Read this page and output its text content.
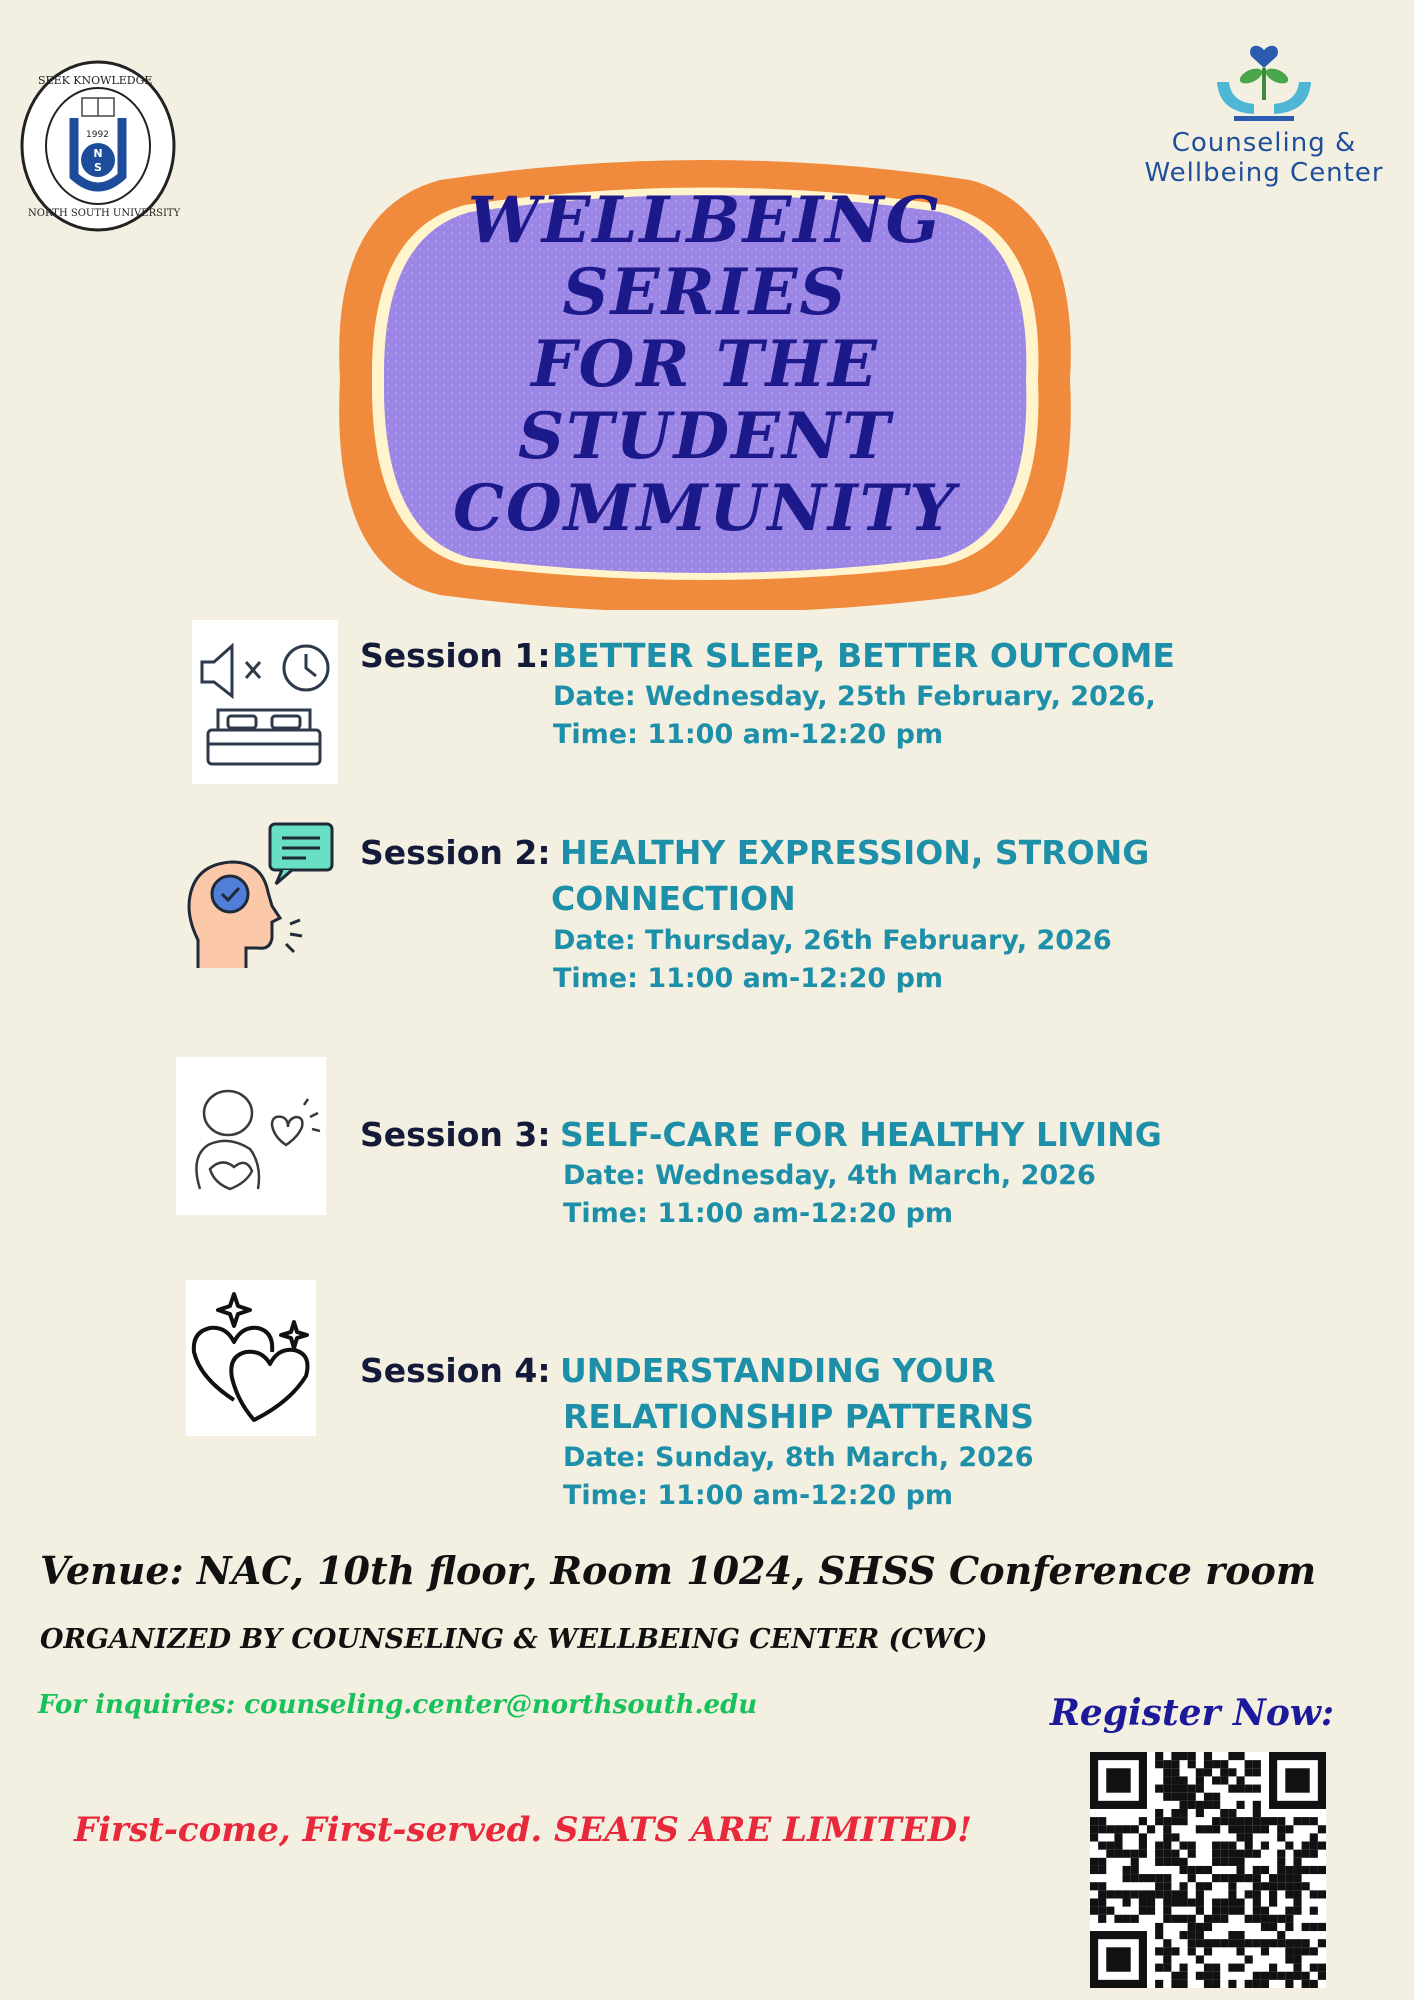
N
S
SEEK KNOWLEDGE
NORTH SOUTH UNIVERSITY
1992	Counseling &
Wellbeing Center
WELLBEING
SERIES
FOR THE
STUDENT
COMMUNITY
Session 1: BETTER SLEEP, BETTER OUTCOME
Date: Wednesday, 25th February, 2026,
Time: 11:00 am-12:20 pm
Session 2: HEALTHY EXPRESSION, STRONG
CONNECTION
Date: Thursday, 26th February, 2026
Time: 11:00 am-12:20 pm
Session 3: SELF-CARE FOR HEALTHY LIVING
Date: Wednesday, 4th March, 2026
Time: 11:00 am-12:20 pm
Session 4: UNDERSTANDING YOUR
RELATIONSHIP PATTERNS
Date: Sunday, 8th March, 2026
Time: 11:00 am-12:20 pm
Venue: NAC, 10th floor, Room 1024, SHSS Conference room
ORGANIZED BY COUNSELING & WELLBEING CENTER (CWC)
For inquiries: counseling.center@northsouth.edu	Register Now:
First-come, First-served. SEATS ARE LIMITED!
